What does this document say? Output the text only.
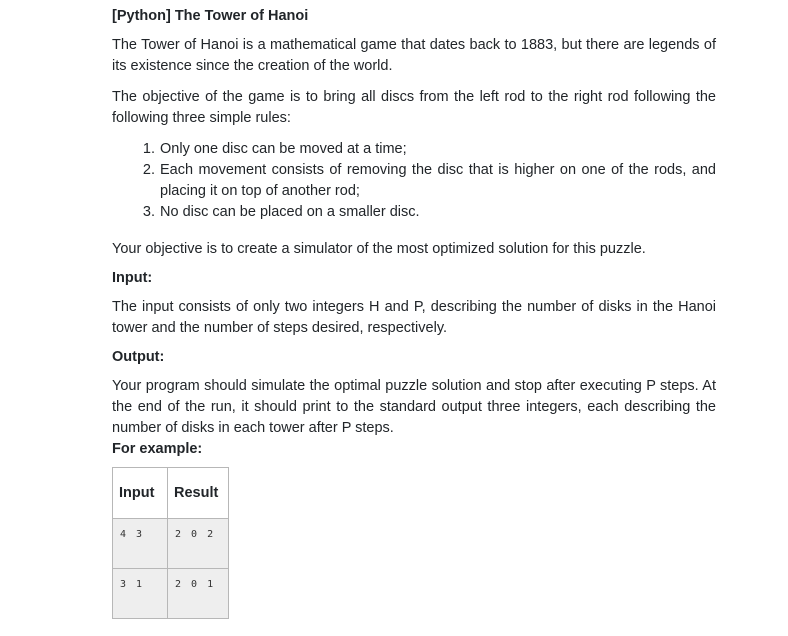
[Python] The Tower of Hanoi

The Tower of Hanoi is a mathematical game that dates back to 1883, but there are legends of its existence since the creation of the world.

The objective of the game is to bring all discs from the left rod to the right rod following the following three simple rules:

1. Only one disc can be moved at a time;
2. Each movement consists of removing the disc that is higher on one of the rods, and placing it on top of another rod;
3. No disc can be placed on a smaller disc.

Your objective is to create a simulator of the most optimized solution for this puzzle.

Input:

The input consists of only two integers H and P, describing the number of disks in the Hanoi tower and the number of steps desired, respectively.

Output:

Your program should simulate the optimal puzzle solution and stop after executing P steps. At the end of the run, it should print to the standard output three integers, each describing the number of disks in each tower after P steps.

For example:
Input	Result
4 3	2 0 2
3 1	2 0 1
